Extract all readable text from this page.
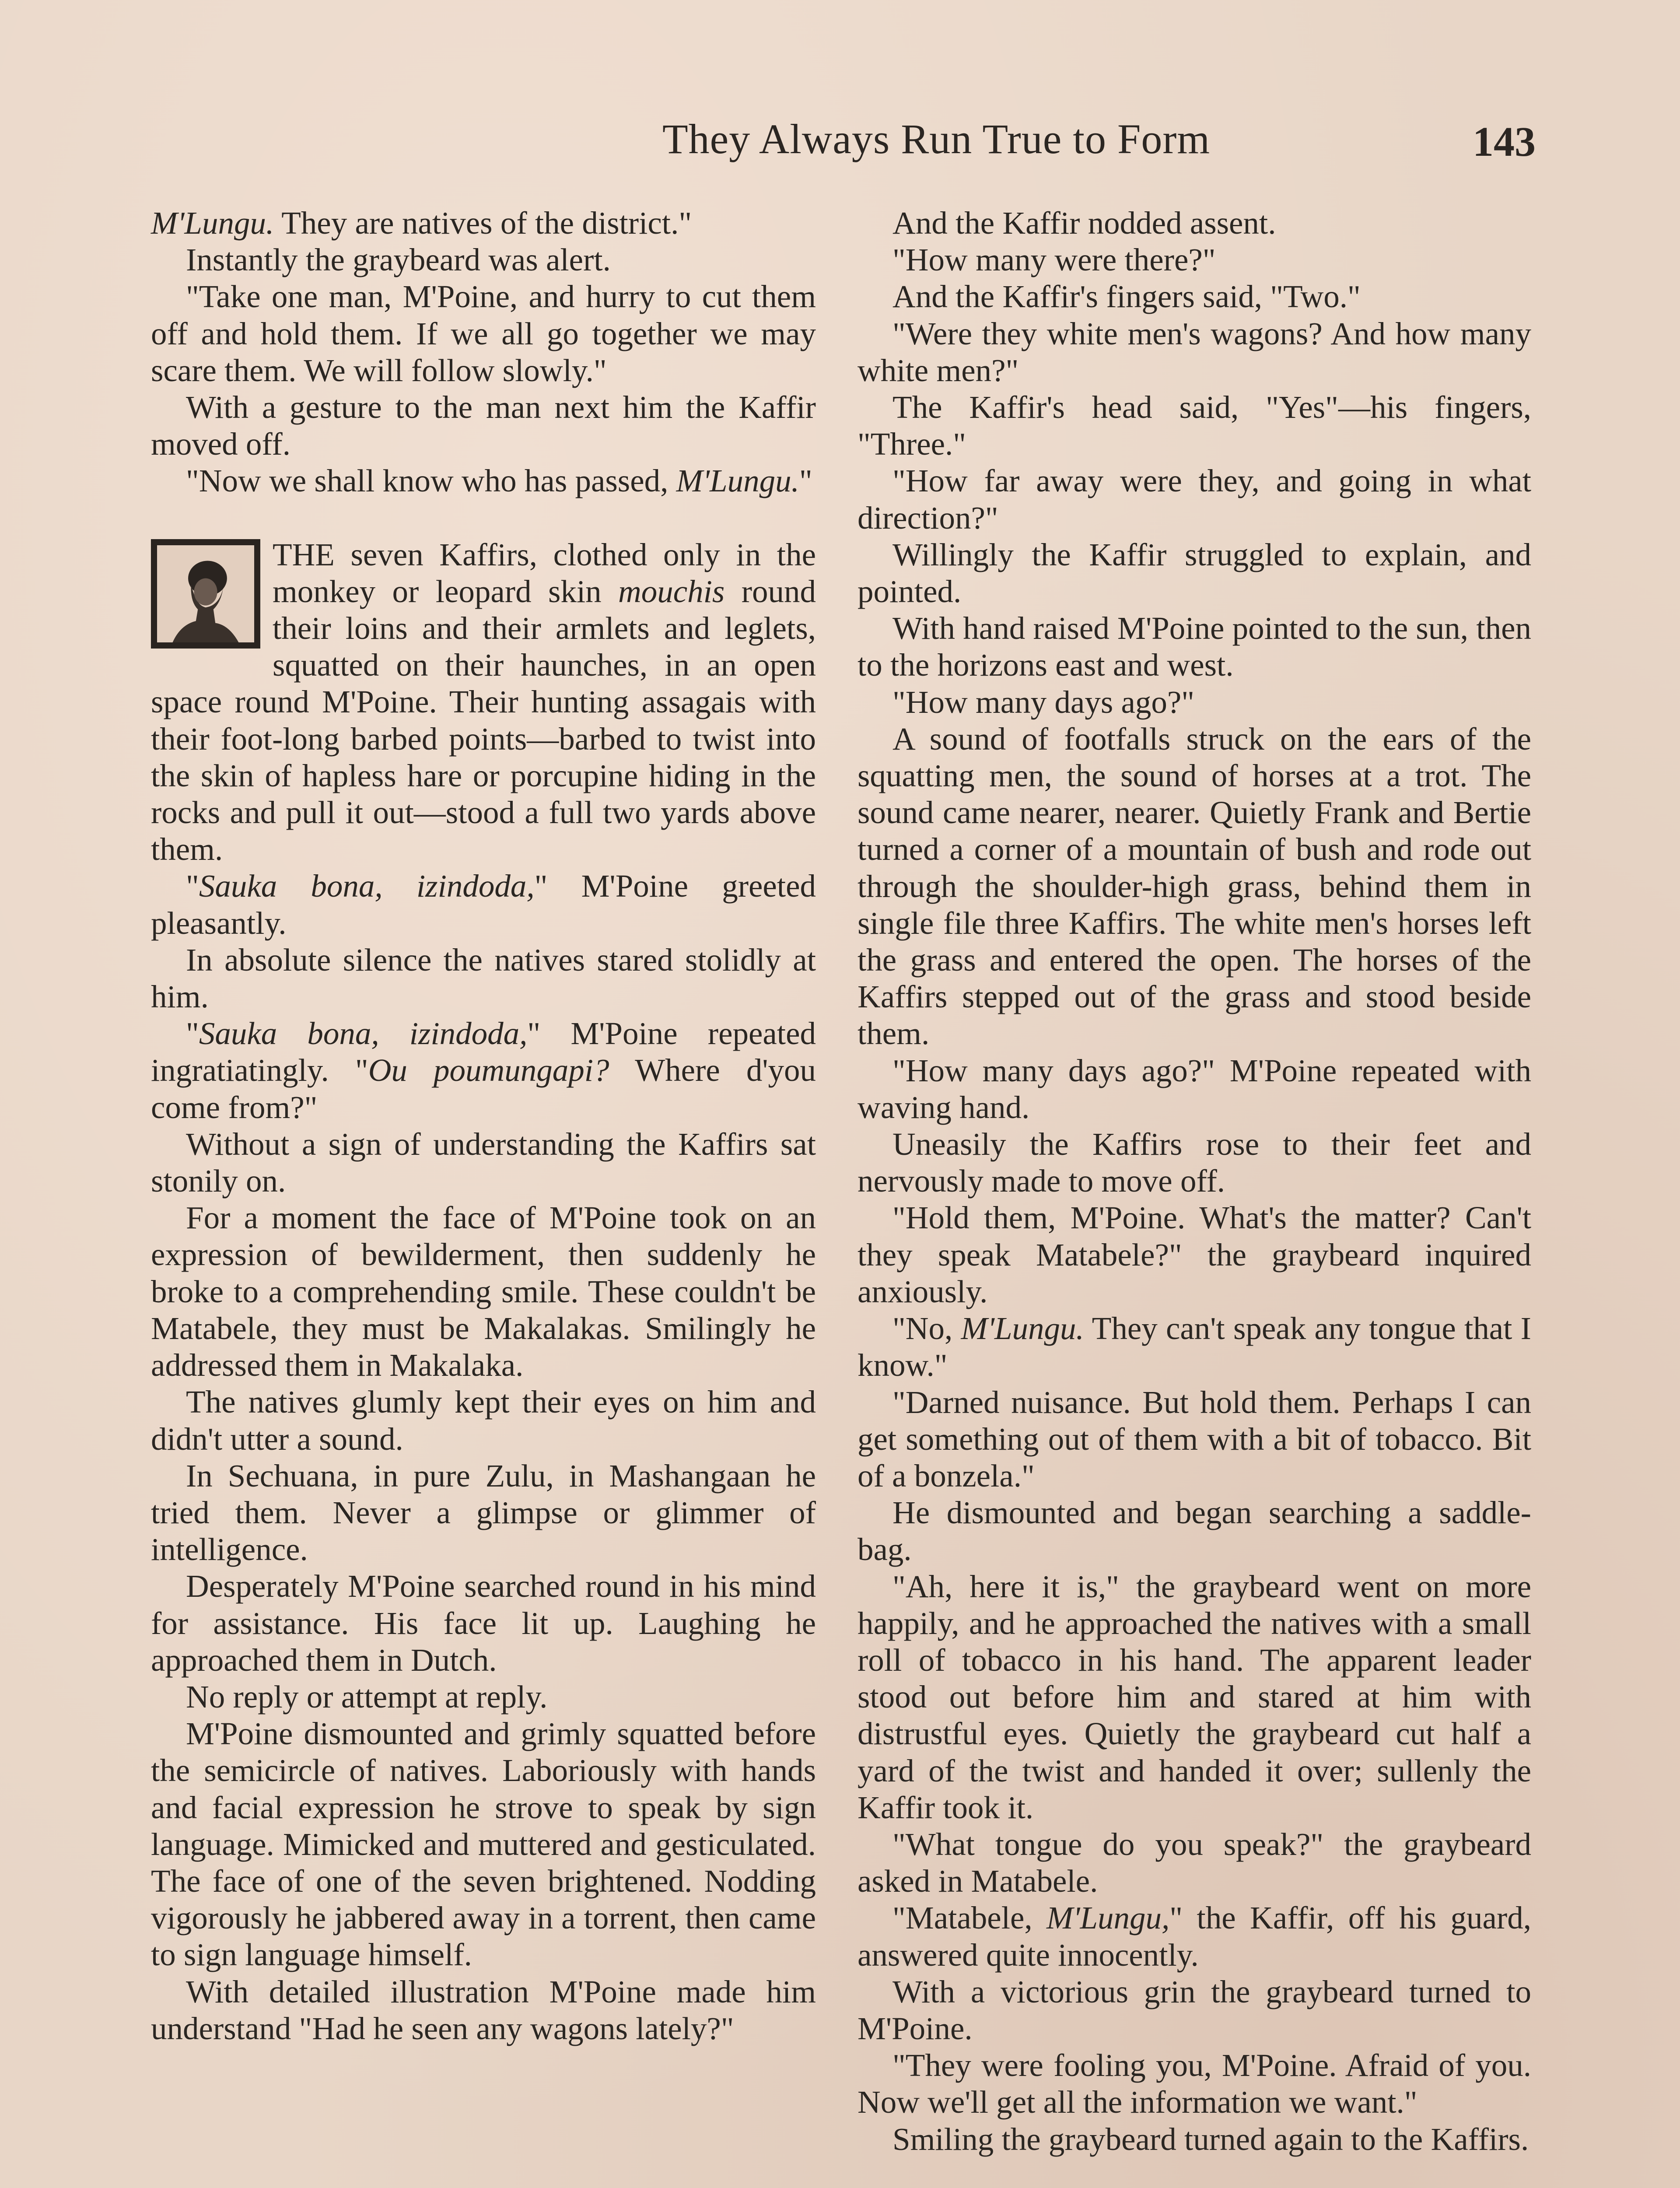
They Always Run True to Form	143

M'Lungu. They are natives of the district."

Instantly the graybeard was alert.

"Take one man, M'Poine, and hurry to cut them off and hold them. If we all go together we may scare them. We will follow slowly."

With a gesture to the man next him the Kaffir moved off.

"Now we shall know who has passed, M'Lungu."

THE seven Kaffirs, clothed only in the monkey or leopard skin mouchis round their loins and their armlets and leglets, squatted on their haunches, in an open space round M'Poine. Their hunting assagais with their foot-long barbed points—barbed to twist into the skin of hapless hare or porcupine hiding in the rocks and pull it out—stood a full two yards above them.

"Sauka bona, izindoda," M'Poine greeted pleasantly.

In absolute silence the natives stared stolidly at him.

"Sauka bona, izindoda," M'Poine repeated ingratiatingly. "Ou poumungapi? Where d'you come from?"

Without a sign of understanding the Kaffirs sat stonily on.

For a moment the face of M'Poine took on an expression of bewilderment, then suddenly he broke to a comprehending smile. These couldn't be Matabele, they must be Makalakas. Smilingly he addressed them in Makalaka.

The natives glumly kept their eyes on him and didn't utter a sound.

In Sechuana, in pure Zulu, in Mashangaan he tried them. Never a glimpse or glimmer of intelligence.

Desperately M'Poine searched round in his mind for assistance. His face lit up. Laughing he approached them in Dutch.

No reply or attempt at reply.

M'Poine dismounted and grimly squatted before the semicircle of natives. Laboriously with hands and facial expression he strove to speak by sign language. Mimicked and muttered and gesticulated. The face of one of the seven brightened. Nodding vigorously he jabbered away in a torrent, then came to sign language himself.

With detailed illustration M'Poine made him understand "Had he seen any wagons lately?"

And the Kaffir nodded assent.

"How many were there?"

And the Kaffir's fingers said, "Two."

"Were they white men's wagons? And how many white men?"

The Kaffir's head said, "Yes"—his fingers, "Three."

"How far away were they, and going in what direction?"

Willingly the Kaffir struggled to explain, and pointed.

With hand raised M'Poine pointed to the sun, then to the horizons east and west.

"How many days ago?"

A sound of footfalls struck on the ears of the squatting men, the sound of horses at a trot. The sound came nearer, nearer. Quietly Frank and Bertie turned a corner of a mountain of bush and rode out through the shoulder-high grass, behind them in single file three Kaffirs. The white men's horses left the grass and entered the open. The horses of the Kaffirs stepped out of the grass and stood beside them.

"How many days ago?" M'Poine repeated with waving hand.

Uneasily the Kaffirs rose to their feet and nervously made to move off.

"Hold them, M'Poine. What's the matter? Can't they speak Matabele?" the graybeard inquired anxiously.

"No, M'Lungu. They can't speak any tongue that I know."

"Darned nuisance. But hold them. Perhaps I can get something out of them with a bit of tobacco. Bit of a bonzela."

He dismounted and began searching a saddle-bag.

"Ah, here it is," the graybeard went on more happily, and he approached the natives with a small roll of tobacco in his hand. The apparent leader stood out before him and stared at him with distrustful eyes. Quietly the graybeard cut half a yard of the twist and handed it over; sullenly the Kaffir took it.

"What tongue do you speak?" the graybeard asked in Matabele.

"Matabele, M'Lungu," the Kaffir, off his guard, answered quite innocently.

With a victorious grin the graybeard turned to M'Poine.

"They were fooling you, M'Poine. Afraid of you. Now we'll get all the information we want."

Smiling the graybeard turned again to the Kaffirs.
